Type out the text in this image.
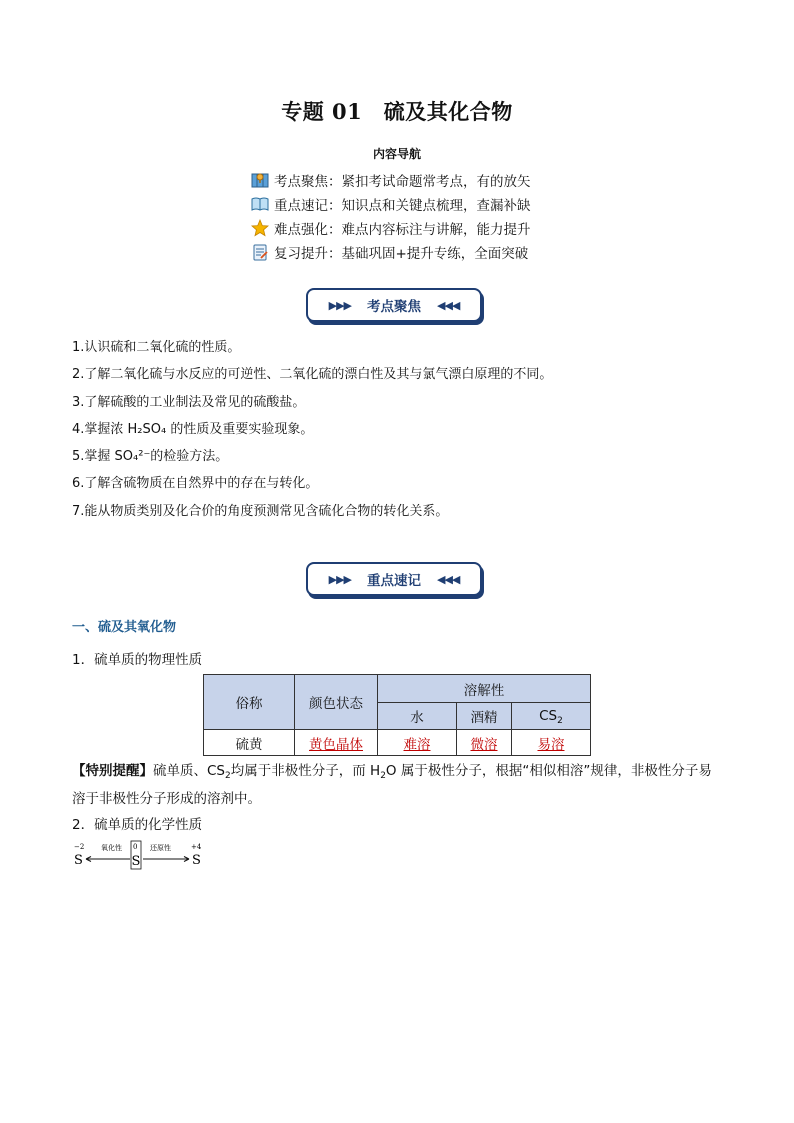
专题 01　硫及其化合物
内容导航
考点聚焦：紧扣考试命题常考点，有的放矢
重点速记：知识点和关键点梳理，查漏补缺
难点强化：难点内容标注与讲解，能力提升
复习提升：基础巩固+提升专练，全面突破
▶▶▶ 考点聚焦 ◀◀◀
1.认识硫和二氧化硫的性质。
2.了解二氧化硫与水反应的可逆性、二氧化硫的漂白性及其与氯气漂白原理的不同。
3.了解硫酸的工业制法及常见的硫酸盐。
4.掌握浓 H₂SO₄ 的性质及重要实验现象。
5.掌握 SO₄²⁻的检验方法。
6.了解含硫物质在自然界中的存在与转化。
7.能从物质类别及化合价的角度预测常见含硫化合物的转化关系。
▶▶▶ 重点速记 ◀◀◀
一、硫及其氧化物
1．硫单质的物理性质
俗称	颜色状态	溶解性		
		水	酒精	$CS_2$
硫黄	黄色晶体	难溶	微溶	易溶
【特别提醒】硫单质、$CS_2$均属于非极性分子，而 $H_2O$ 属于极性分子，根据“相似相溶”规律，非极性分子易溶于非极性分子形成的溶剂中。
2．硫单质的化学性质
−2
S
氧化性 0
S
还原性	+4
S
